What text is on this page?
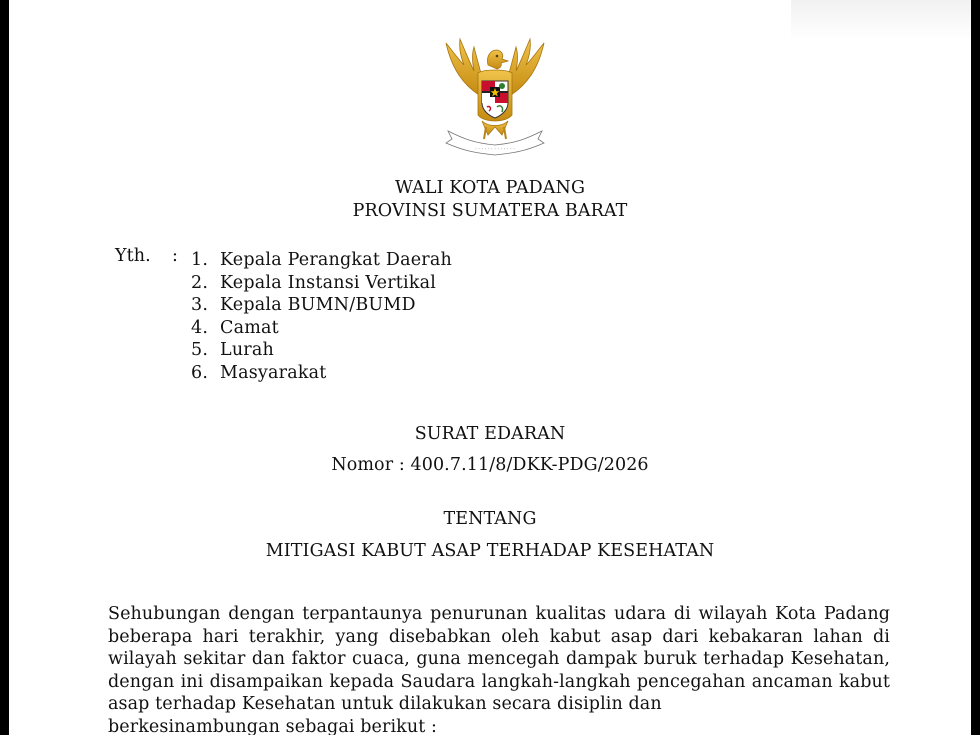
· · · · · · · · · · · · ·
WALI KOTA PADANG
PROVINSI SUMATERA BARAT
Yth. : 1. Kepala Perangkat Daerah
2. Kepala Instansi Vertikal
3. Kepala BUMN/BUMD
4. Camat
5. Lurah
6. Masyarakat
SURAT EDARAN
Nomor : 400.7.11/8/DKK-PDG/2026
TENTANG
MITIGASI KABUT ASAP TERHADAP KESEHATAN
Sehubungan dengan terpantaunya penurunan kualitas udara di wilayah Kota Padang beberapa hari terakhir, yang disebabkan oleh kabut asap dari kebakaran lahan di wilayah sekitar dan faktor cuaca, guna mencegah dampak buruk terhadap Kesehatan, dengan ini disampaikan kepada Saudara langkah-langkah pencegahan ancaman kabut asap terhadap Kesehatan untuk dilakukan secara disiplin dan
berkesinambungan sebagai berikut :
